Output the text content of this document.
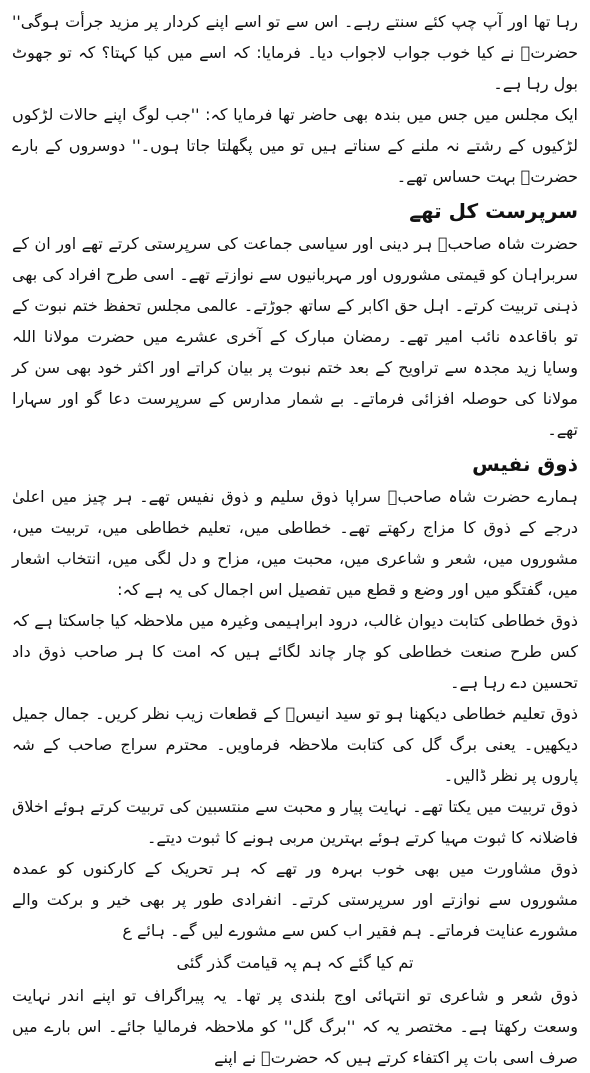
رہا تھا اور آپ چپ کئے سنتے رہے۔ اس سے تو اسے اپنے کردار پر مزید جرأت ہوگی'' حضرتؒ نے کیا خوب جواب لاجواب دیا۔ فرمایا: کہ اسے میں کیا کہتا؟ کہ تو جھوٹ بول رہا ہے۔

ایک مجلس میں جس میں بندہ بھی حاضر تھا فرمایا کہ: ''جب لوگ اپنے حالات لڑکوں لڑکیوں کے رشتے نہ ملنے کے سناتے ہیں تو میں پگھلتا جاتا ہوں۔'' دوسروں کے بارے حضرتؒ بہت حساس تھے۔

سرپرست کل تھے

حضرت شاہ صاحبؒ ہر دینی اور سیاسی جماعت کی سرپرستی کرتے تھے اور ان کے سربراہان کو قیمتی مشوروں اور مہربانیوں سے نوازتے تھے۔ اسی طرح افراد کی بھی ذہنی تربیت کرتے۔ اہل حق اکابر کے ساتھ جوڑتے۔ عالمی مجلس تحفظ ختم نبوت کے تو باقاعدہ نائب امیر تھے۔ رمضان مبارک کے آخری عشرے میں حضرت مولانا اللہ وسایا زید مجدہ سے تراویح کے بعد ختم نبوت پر بیان کراتے اور اکثر خود بھی سن کر مولانا کی حوصلہ افزائی فرماتے۔ بے شمار مدارس کے سرپرست دعا گو اور سہارا تھے۔

ذوق نفیس

ہمارے حضرت شاہ صاحبؒ سراپا ذوق سلیم و ذوق نفیس تھے۔ ہر چیز میں اعلیٰ درجے کے ذوق کا مزاج رکھتے تھے۔ خطاطی میں، تعلیم خطاطی میں، تربیت میں، مشوروں میں، شعر و شاعری میں، محبت میں، مزاح و دل لگی میں، انتخاب اشعار میں، گفتگو میں اور وضع و قطع میں تفصیل اس اجمال کی یہ ہے کہ:

ذوق خطاطی کتابت دیوان غالب، درود ابراہیمی وغیرہ میں ملاحظہ کیا جاسکتا ہے کہ کس طرح صنعت خطاطی کو چار چاند لگائے ہیں کہ امت کا ہر صاحب ذوق داد تحسین دے رہا ہے۔

ذوق تعلیم خطاطی دیکھنا ہو تو سید انیسؒ کے قطعات زیب نظر کریں۔ جمال جمیل دیکھیں۔ یعنی برگ گل کی کتابت ملاحظہ فرماویں۔ محترم سراج صاحب کے شہ پاروں پر نظر ڈالیں۔

ذوق تربیت میں یکتا تھے۔ نہایت پیار و محبت سے منتسبین کی تربیت کرتے ہوئے اخلاق فاضلانہ کا ثبوت مہیا کرتے ہوئے بہترین مربی ہونے کا ثبوت دیتے۔

ذوق مشاورت میں بھی خوب بہرہ ور تھے کہ ہر تحریک کے کارکنوں کو عمدہ مشوروں سے نوازتے اور سرپرستی کرتے۔ انفرادی طور پر بھی خیر و برکت والے مشورے عنایت فرماتے۔ ہم فقیر اب کس سے مشورے لیں گے۔ ہائے ع

تم کیا گئے کہ ہم پہ قیامت گذر گئی

ذوق شعر و شاعری تو انتہائی اوج بلندی پر تھا۔ یہ پیراگراف تو اپنے اندر نہایت وسعت رکھتا ہے۔ مختصر یہ کہ ''برگ گل'' کو ملاحظہ فرمالیا جائے۔ اس بارے میں صرف اسی بات پر اکتفاء کرتے ہیں کہ حضرتؒ نے اپنے
